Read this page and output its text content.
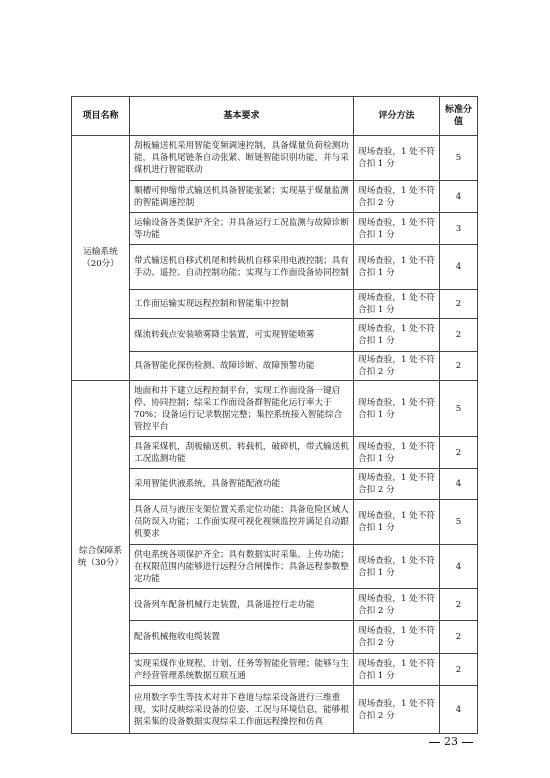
项目名称	基本要求	评分方法	标准分值
运输系统（20分）	刮板输送机采用智能变频调速控制，具备煤量负荷检测功能，具备机尾链条自动张紧、断链智能识别功能，并与采煤机进行智能联动	现场查验，1 处不符合扣 1 分	5
	顺槽可伸缩带式输送机具备智能张紧；实现基于煤量监测的智能调速控制	现场查验，1 处不符合扣 2 分	4
	运输设备各类保护齐全；并具备运行工况监测与故障诊断等功能	现场查验，1 处不符合扣 1 分	3
	带式输送机自移式机尾和转载机自移采用电液控制；具有手动、遥控、自动控制功能；实现与工作面设备协同控制	现场查验，1 处不符合扣 1 分	4
	工作面运输实现远程控制和智能集中控制	现场查验，1 处不符合扣 1 分	2
	煤流转载点安装喷雾降尘装置，可实现智能喷雾	现场查验，1 处不符合扣 1 分	2
	具备智能化探伤检测、故障诊断、故障预警功能	现场查验，1 处不符合扣 2 分	2
综合保障系统（30分）	地面和井下建立远程控制平台，实现工作面设备一键启停、协同控制；综采工作面设备群智能化运行率大于 70%；设备运行记录数据完整；集控系统接入智能综合管控平台	现场查验，1 处不符合扣 1 分	5
	具备采煤机，刮板输送机、转载机，破碎机，带式输送机工况监测功能	现场查验，1 处不符合扣 1 分	2
	采用智能供液系统，具备智能配液功能	现场查验，1 处不符合扣 2 分	4
	具备人员与液压支架位置关系定位功能；具备危险区域人员防误入功能；工作面实现可视化视频监控并满足自动跟机要求	现场查验，1 处不符合扣 1 分	5
	供电系统各项保护齐全；具有数据实时采集、上传功能；在权限范围内能够进行远程分合闸操作；具备远程参数整定功能	现场查验，1 处不符合扣 1 分	4
	设备列车配备机械行走装置，具备遥控行走功能	现场查验，1 处不符合扣 2 分	2
	配备机械拖收电缆装置	现场查验，1 处不符合扣 2 分	2
	实现采煤作业规程、计划、任务等智能化管理；能够与生产经营管理系统数据互联互通	现场查验，1 处不符合扣 1 分	2
	应用数字孪生等技术对井下巷道与综采设备进行三维重现，实时反映综采设备的位姿、工况与环境信息，能够根据采集的设备数据实现综采工作面远程操控和仿真	现场查验，1 处不符合扣 2 分	4
23
